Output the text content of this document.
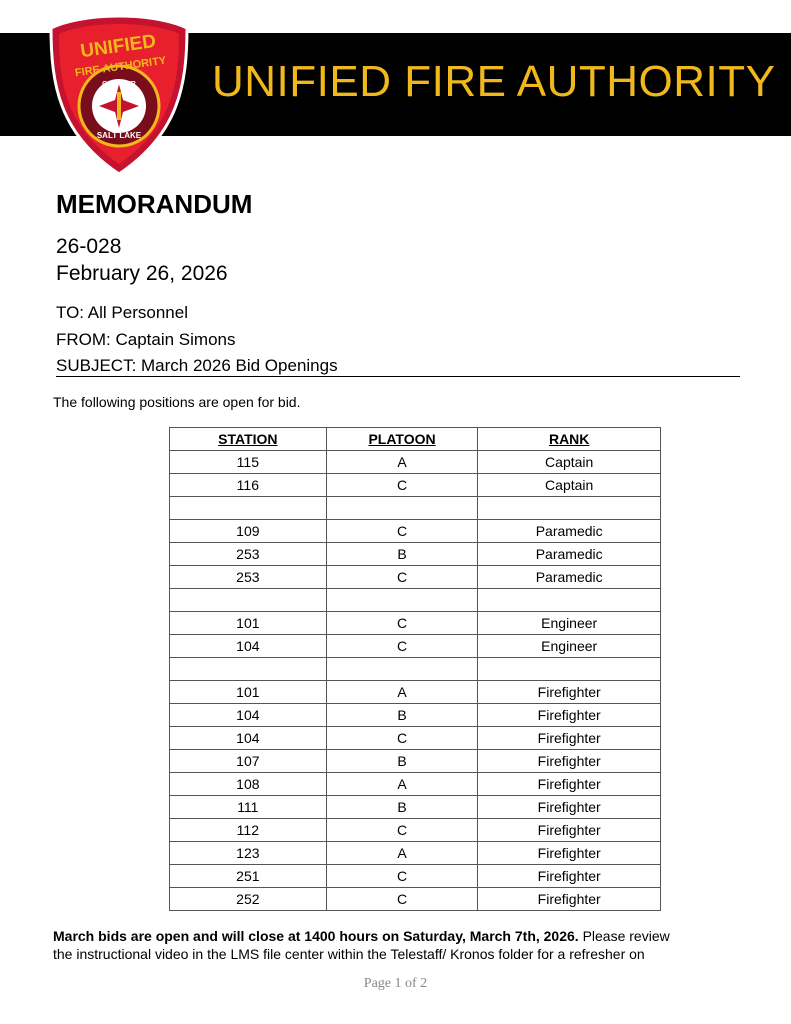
UNIFIED FIRE AUTHORITY
UNIFIED
FIRE AUTHORITY
GREATER
SALT LAKE
MEMORANDUM
26-028
February 26, 2026
TO: All Personnel
FROM: Captain Simons
SUBJECT: March 2026 Bid Openings
The following positions are open for bid.
STATION	PLATOON	RANK
115	A	Captain
116	C	Captain

109	C	Paramedic
253	B	Paramedic
253	C	Paramedic

101	C	Engineer
104	C	Engineer

101	A	Firefighter
104	B	Firefighter
104	C	Firefighter
107	B	Firefighter
108	A	Firefighter
111	B	Firefighter
112	C	Firefighter
123	A	Firefighter
251	C	Firefighter
252	C	Firefighter
March bids are open and will close at 1400 hours on Saturday, March 7th, 2026. Please review
the instructional video in the LMS file center within the Telestaff/ Kronos folder for a refresher on
Page 1 of 2
